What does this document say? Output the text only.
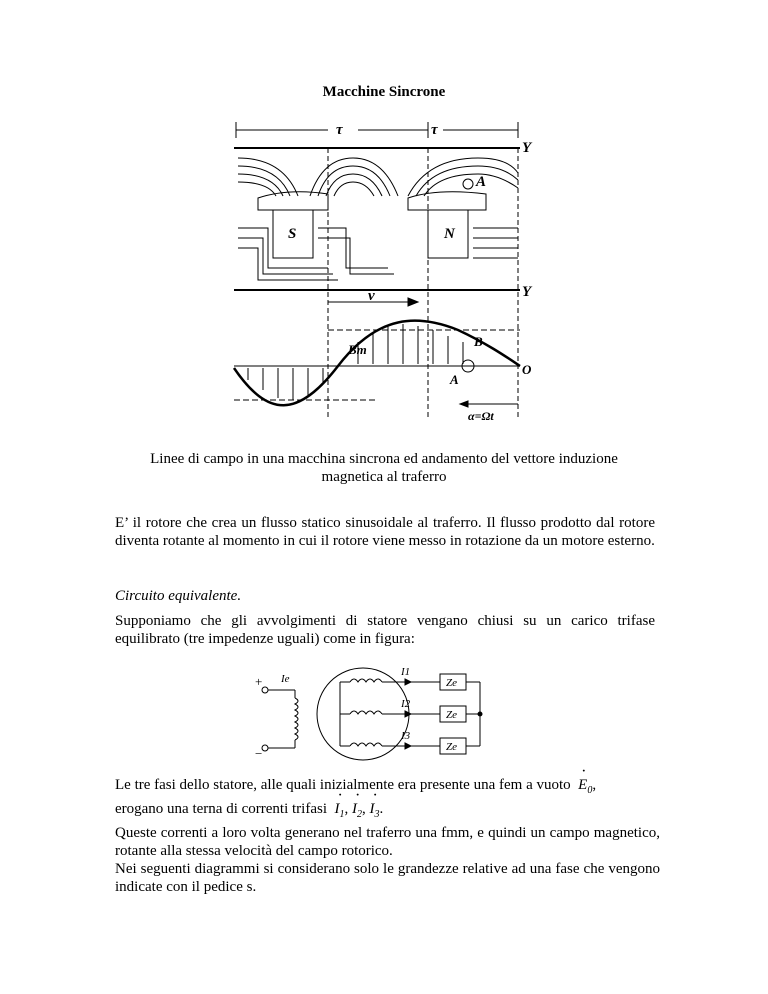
Macchine Sincrone
τ	τ
Y
A
S	N
Y
v
Bm
B
A
O
α=Ωt
Linee di campo in una macchina sincrona ed andamento del vettore induzione
magnetica al traferro
E’ il rotore che crea un flusso statico sinusoidale al traferro. Il flusso prodotto dal rotore diventa rotante al momento in cui il rotore viene messo in rotazione da un motore esterno.
Circuito equivalente.
Supponiamo che gli avvolgimenti di statore vengano chiusi su un carico trifase equilibrato (tre impedenze uguali) come in figura:
+
−
Ie
I1
I2
I3
Ze
Ze
Ze
Le tre fasi dello statore, alle quali inizialmente era presente una fem a vuoto · $E_0$,
erogano una terna di correnti trifasi · $I_1$, · $I_2$, · $I_3$.
Queste correnti a loro volta generano nel traferro una fmm, e quindi un campo magnetico, rotante alla stessa velocità del campo rotorico.
Nei seguenti diagrammi si considerano solo le grandezze relative ad una fase che vengono indicate con il pedice s.
